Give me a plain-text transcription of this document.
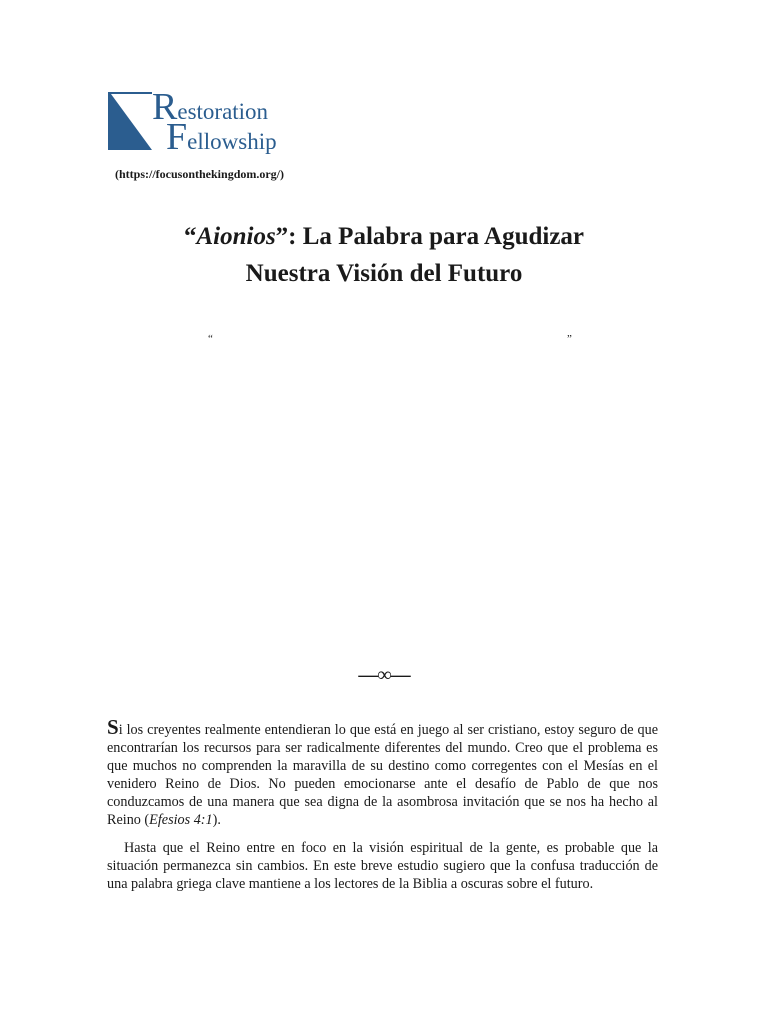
Restoration
Fellowship
(https://focusonthekingdom.org/)
“Aionios”: La Palabra para Agudizar
Nuestra Visión del Futuro
“	”
—∞—

Si los creyentes realmente entendieran lo que está en juego al ser cristiano, estoy seguro de que encontrarían los recursos para ser radicalmente diferentes del mundo. Creo que el problema es que muchos no comprenden la maravilla de su destino como corregentes con el Mesías en el venidero Reino de Dios. No pueden emocionarse ante el desafío de Pablo de que nos conduzcamos de una manera que sea digna de la asombrosa invitación que se nos ha hecho al Reino (Efesios 4:1).

Hasta que el Reino entre en foco en la visión espiritual de la gente, es probable que la situación permanezca sin cambios. En este breve estudio sugiero que la confusa traducción de una palabra griega clave mantiene a los lectores de la Biblia a oscuras sobre el futuro.
